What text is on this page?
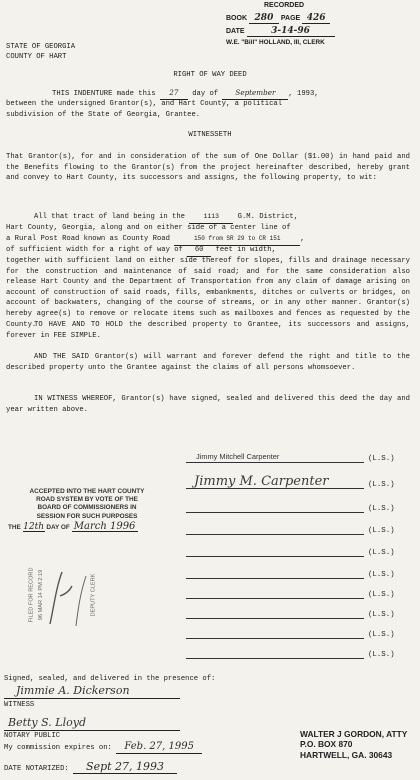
RECORDED
BOOK 280 PAGE 426
DATE	3-14-96
W.E. "Bill" HOLLAND, III, CLERK
STATE OF GEORGIA
COUNTY OF HART
RIGHT OF WAY DEED
THIS INDENTURE made this 27 day of September , 1993,
between the undersigned Grantor(s), and Hart County, a political
subdivision of the State of Georgia, Grantee.
WITNESSETH
That Grantor(s), for and in consideration of the sum of One Dollar ($1.00) in hand paid and the Benefits flowing to the Grantor(s) from the project hereinafter described, hereby grant and convey to Hart County, its successors and assigns, the following property, to wit:
All that tract of land being in the	1113	G.M. District,
Hart County, Georgia, along and on either side of a center line of
a Rural Post Road known as County Road	150 from SR 29 to CR 151	,
of sufficient width for a right of way of 60 feet in width,
together with sufficient land on either side thereof for slopes, fills and drainage necessary for the construction and maintenance of said road; and for the same consideration also release Hart County and the Department of Transportation from any claim of damage arising on account of construction of said roads, fills, embankments, ditches or culverts or bridges, on account of backwaters, changing of the course of streams, or in any other manner. Grantor(s) hereby agree(s) to remove or relocate items such as mailboxes and fences as requested by the County.
TO HAVE AND TO HOLD the described property to Grantee, its successors and assigns, forever in FEE SIMPLE.
AND THE SAID Grantor(s) will warrant and forever defend the right and title to the described property unto the Grantee against the claims of all persons whomsoever.
IN WITNESS WHEREOF, Grantor(s) have signed, sealed and delivered this deed the day and year written above.
Jimmy Mitchell Carpenter	(L.S.)
Jimmy M. Carpenter	(L.S.)
(L.S.)
(L.S.)
(L.S.)
(L.S.)
(L.S.)
(L.S.)
(L.S.)
(L.S.)
ACCEPTED INTO THE HART COUNTY
ROAD SYSTEM BY VOTE OF THE
BOARD OF COMMISSIONERS IN
SESSION FOR SUCH PURPOSES
THE 12th DAY OF March 1996
FILED FOR RECORD 96 MAR 14 PM 2:19	DEPUTY CLERK
Signed, sealed, and delivered in the presence of:
Jimmie A. Dickerson
WITNESS
Betty S. Lloyd
NOTARY PUBLIC
My commission expires on: Feb. 27, 1995
DATE NOTARIZED: Sept 27, 1993
WALTER J GORDON, ATTY
P.O. BOX 870
HARTWELL, GA. 30643
